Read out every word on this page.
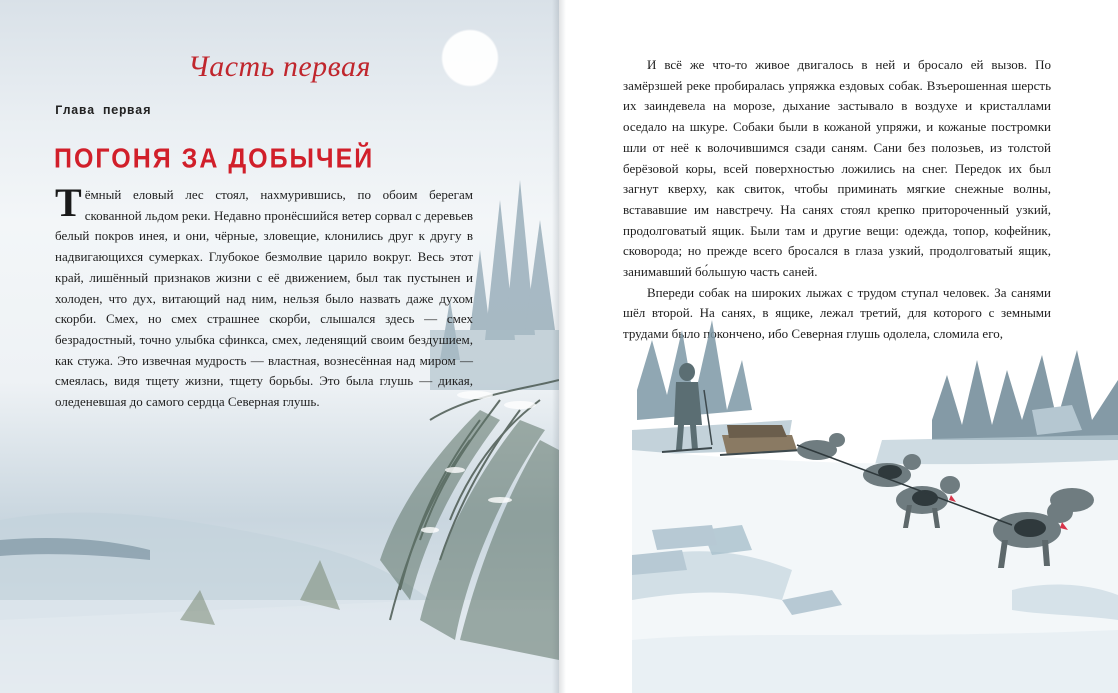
Часть первая
Глава первая
ПОГОНЯ ЗА ДОБЫЧЕЙ
Тёмный еловый лес стоял, нахмурившись, по обоим берегам скованной льдом реки. Недавно пронёсшийся ветер сорвал с деревьев белый покров инея, и они, чёрные, зловещие, клонились друг к другу в надвигающихся сумерках. Глубокое безмолвие царило вокруг. Весь этот край, лишённый признаков жизни с её движением, был так пустынен и холоден, что дух, витающий над ним, нельзя было назвать даже духом скорби. Смех, но смех страшнее скорби, слышался здесь — смех безрадостный, точно улыбка сфинкса, смех, леденящий своим бездушием, как стужа. Это извечная мудрость — властная, вознесённая над миром — смеялась, видя тщету жизни, тщету борьбы. Это была глушь — дикая, оледеневшая до самого сердца Северная глушь.

И всё же что-то живое двигалось в ней и бросало ей вызов. По замёрзшей реке пробиралась упряжка ездовых собак. Взъерошенная шерсть их заиндевела на морозе, дыхание застывало в воздухе и кристаллами оседало на шкуре. Собаки были в кожаной упряжи, и кожаные постромки шли от неё к волочившимся сзади саням. Сани без полозьев, из толстой берёзовой коры, всей поверхностью ложились на снег. Передок их был загнут кверху, как свиток, чтобы приминать мягкие снежные волны, встававшие им навстречу. На санях стоял крепко притороченный узкий, продолговатый ящик. Были там и другие вещи: одежда, топор, кофейник, сковорода; но прежде всего бросался в глаза узкий, продолговатый ящик, занимавший бо́льшую часть саней.

Впереди собак на широких лыжах с трудом ступал человек. За санями шёл второй. На санях, в ящике, лежал третий, для которого с земными трудами было покончено, ибо Северная глушь одолела, сломила его,
